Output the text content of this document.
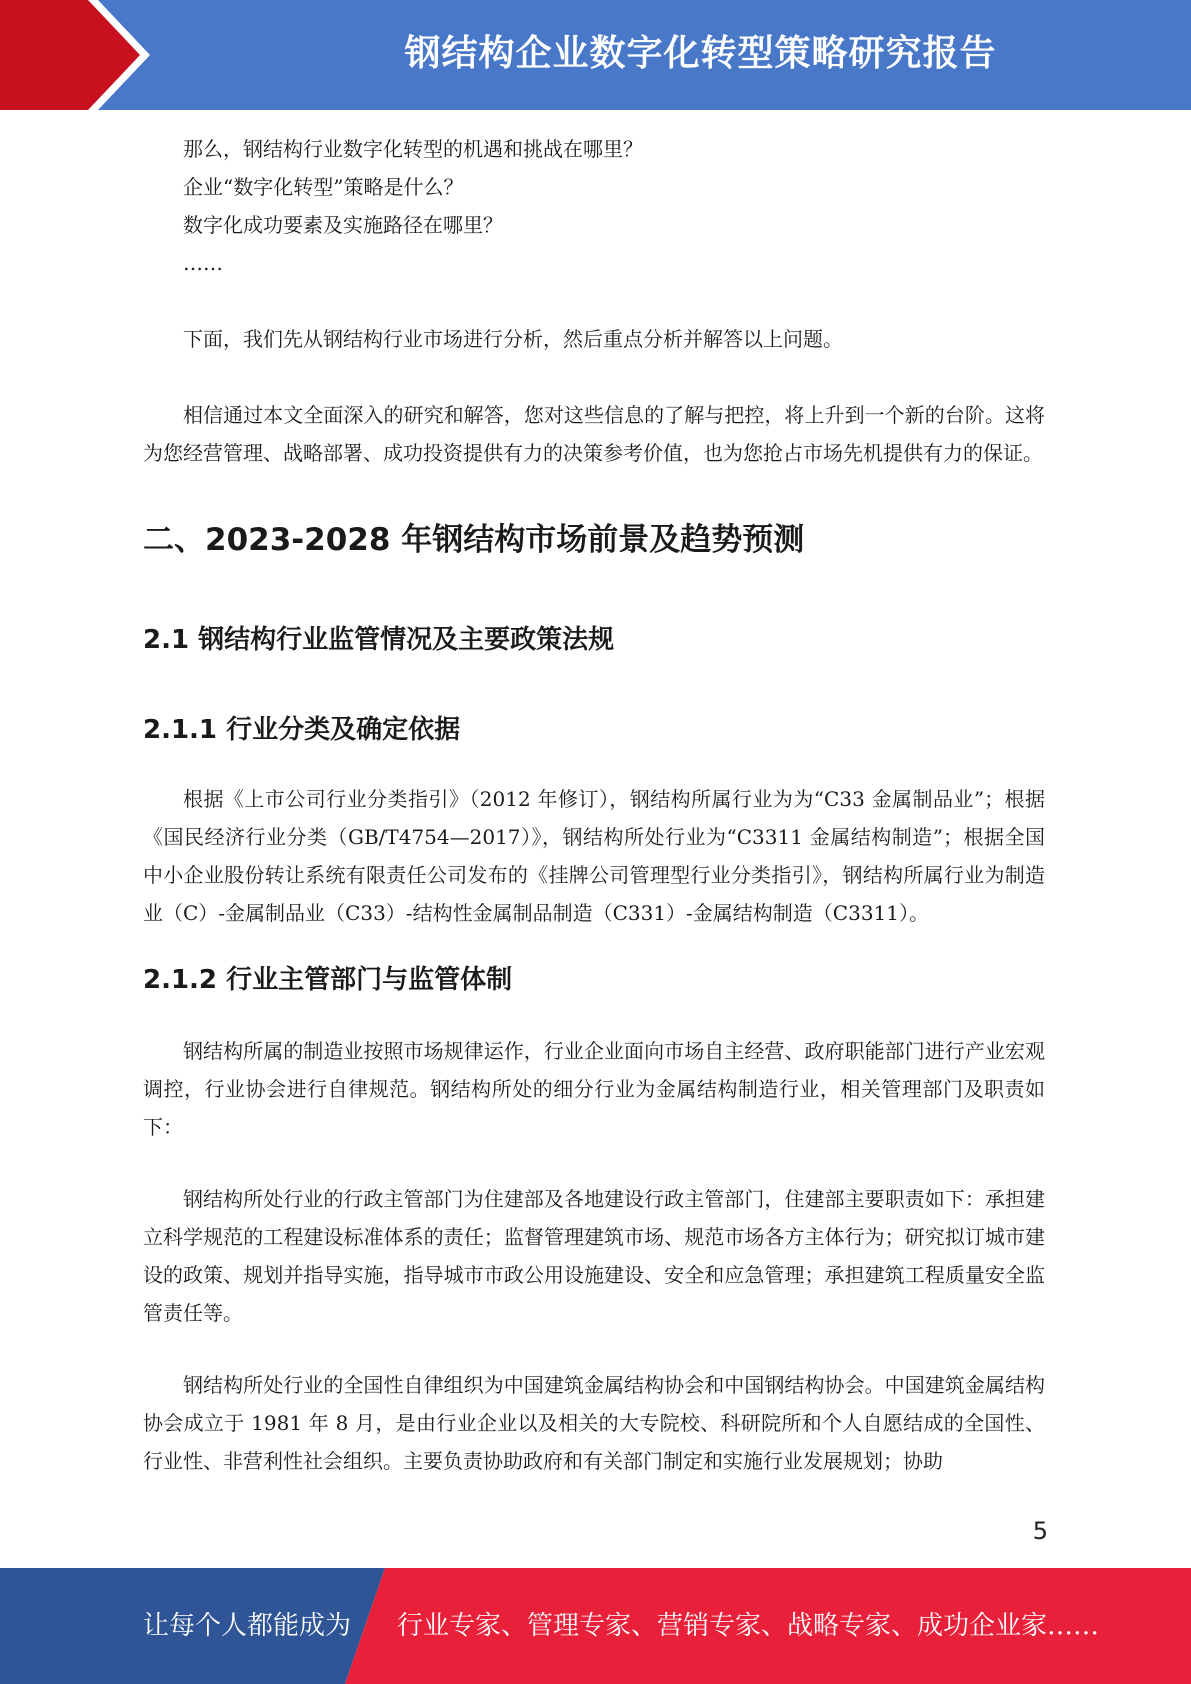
钢结构企业数字化转型策略研究报告

那么，钢结构行业数字化转型的机遇和挑战在哪里？

企业“数字化转型”策略是什么？

数字化成功要素及实施路径在哪里？

……

下面，我们先从钢结构行业市场进行分析，然后重点分析并解答以上问题。

相信通过本文全面深入的研究和解答，您对这些信息的了解与把控，将上升到一个新的台阶。这将为您经营管理、战略部署、成功投资提供有力的决策参考价值，也为您抢占市场先机提供有力的保证。

二、2023-2028 年钢结构市场前景及趋势预测
2.1 钢结构行业监管情况及主要政策法规
2.1.1 行业分类及确定依据

根据《上市公司行业分类指引》（2012 年修订），钢结构所属行业为为“C33 金属制品业”；根据《国民经济行业分类（GB/T4754—2017）》，钢结构所处行业为“C3311 金属结构制造”；根据全国中小企业股份转让系统有限责任公司发布的《挂牌公司管理型行业分类指引》，钢结构所属行业为制造业（C）-金属制品业（C33）-结构性金属制品制造（C331）-金属结构制造（C3311）。

2.1.2 行业主管部门与监管体制

钢结构所属的制造业按照市场规律运作，行业企业面向市场自主经营、政府职能部门进行产业宏观调控，行业协会进行自律规范。钢结构所处的细分行业为金属结构制造行业，相关管理部门及职责如下：

钢结构所处行业的行政主管部门为住建部及各地建设行政主管部门，住建部主要职责如下：承担建立科学规范的工程建设标准体系的责任；监督管理建筑市场、规范市场各方主体行为；研究拟订城市建设的政策、规划并指导实施，指导城市市政公用设施建设、安全和应急管理；承担建筑工程质量安全监管责任等。

钢结构所处行业的全国性自律组织为中国建筑金属结构协会和中国钢结构协会。中国建筑金属结构协会成立于 1981 年 8 月，是由行业企业以及相关的大专院校、科研院所和个人自愿结成的全国性、行业性、非营利性社会组织。主要负责协助政府和有关部门制定和实施行业发展规划；协助

5
让每个人都能成为 行业专家、管理专家、营销专家、战略专家、成功企业家……
